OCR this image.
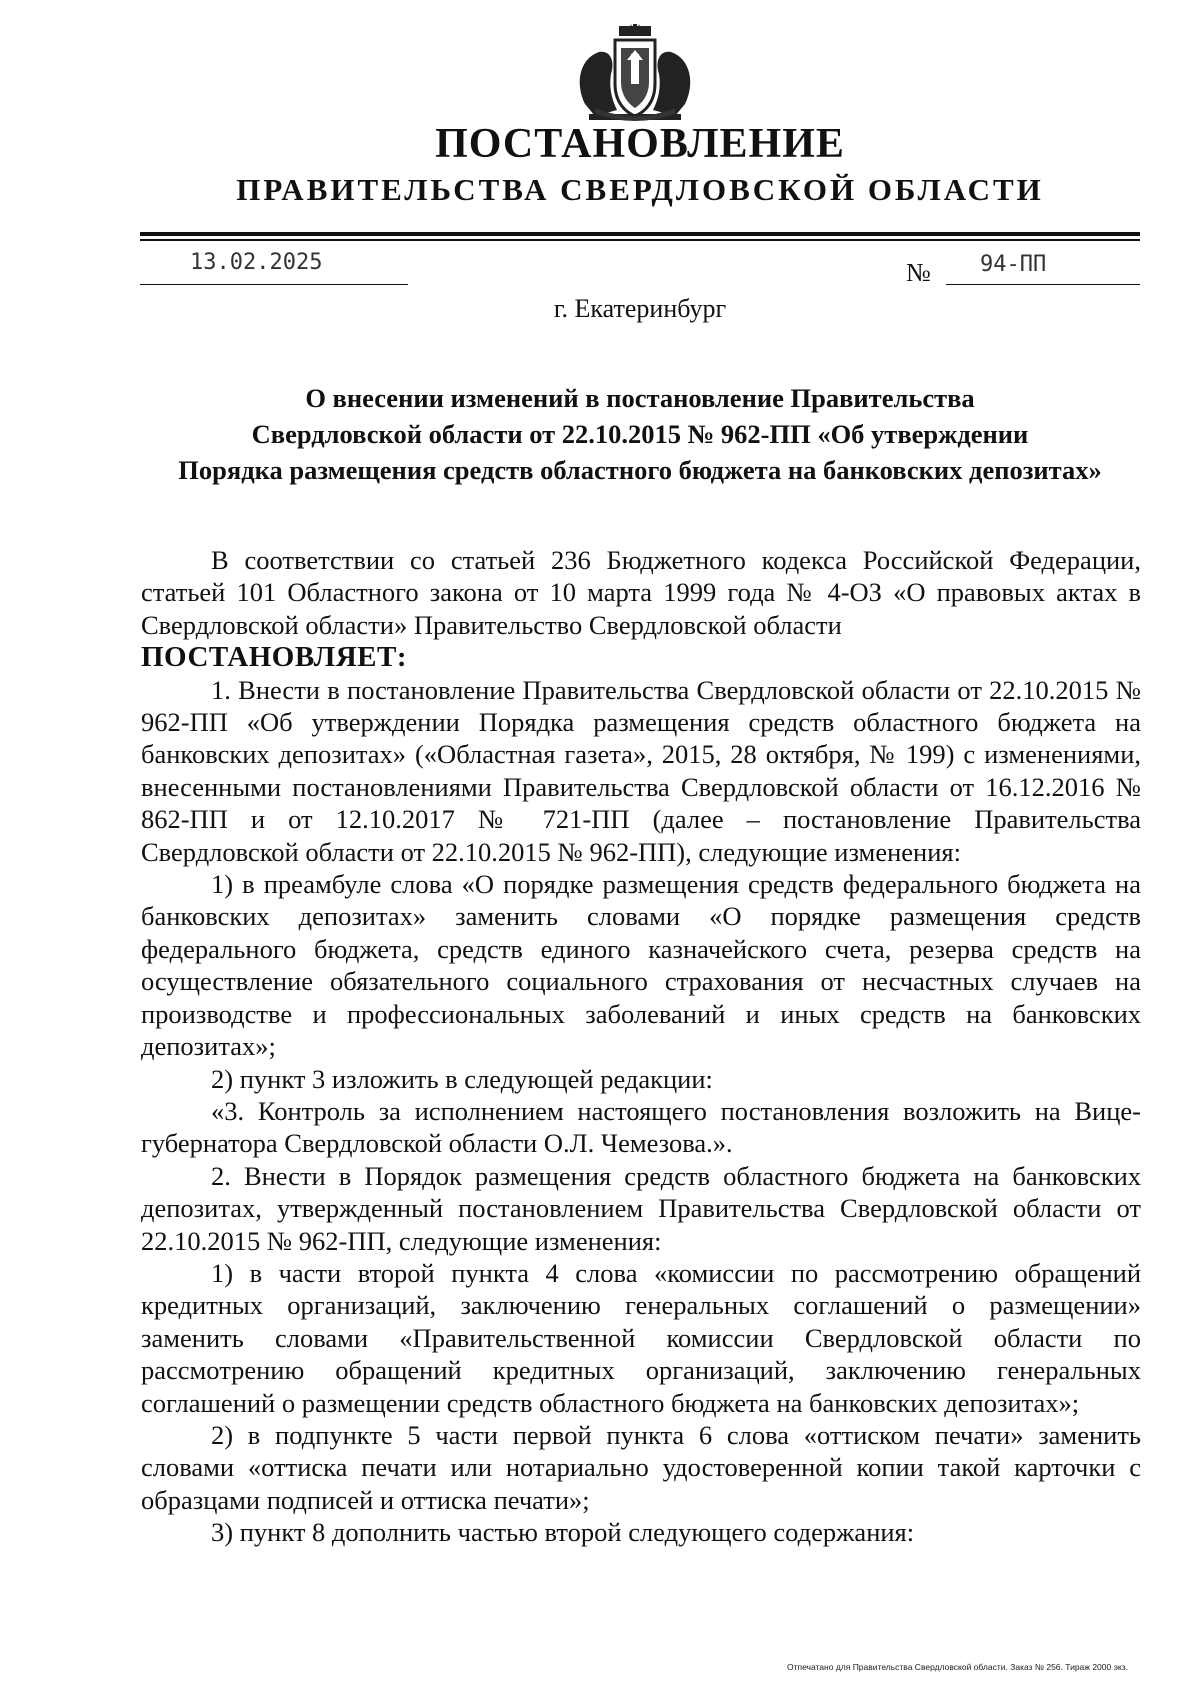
ПОСТАНОВЛЕНИЕ
ПРАВИТЕЛЬСТВА СВЕРДЛОВСКОЙ ОБЛАСТИ
13.02.2025	№ 94-ПП
г. Екатеринбург
О внесении изменений в постановление Правительства
Свердловской области от 22.10.2015 № 962-ПП «Об утверждении
Порядка размещения средств областного бюджета на банковских депозитах»

В соответствии со статьей 236 Бюджетного кодекса Российской Федерации, статьей 101 Областного закона от 10 марта 1999 года № 4-ОЗ «О правовых актах в Свердловской области» Правительство Свердловской области

ПОСТАНОВЛЯЕТ:

1. Внести в постановление Правительства Свердловской области от 22.10.2015 № 962-ПП «Об утверждении Порядка размещения средств областного бюджета на банковских депозитах» («Областная газета», 2015, 28 октября, № 199) с изменениями, внесенными постановлениями Правительства Свердловской области от 16.12.2016 № 862-ПП и от 12.10.2017 № 721-ПП (далее – постановление Правительства Свердловской области от 22.10.2015 № 962-ПП), следующие изменения:

1) в преамбуле слова «О порядке размещения средств федерального бюджета на банковских депозитах» заменить словами «О порядке размещения средств федерального бюджета, средств единого казначейского счета, резерва средств на осуществление обязательного социального страхования от несчастных случаев на производстве и профессиональных заболеваний и иных средств на банковских депозитах»;

2) пункт 3 изложить в следующей редакции:

«3. Контроль за исполнением настоящего постановления возложить на Вице-губернатора Свердловской области О.Л. Чемезова.».

2. Внести в Порядок размещения средств областного бюджета на банковских депозитах, утвержденный постановлением Правительства Свердловской области от 22.10.2015 № 962-ПП, следующие изменения:

1) в части второй пункта 4 слова «комиссии по рассмотрению обращений кредитных организаций, заключению генеральных соглашений о размещении» заменить словами «Правительственной комиссии Свердловской области по рассмотрению обращений кредитных организаций, заключению генеральных соглашений о размещении средств областного бюджета на банковских депозитах»;

2) в подпункте 5 части первой пункта 6 слова «оттиском печати» заменить словами «оттиска печати или нотариально удостоверенной копии такой карточки с образцами подписей и оттиска печати»;

3) пункт 8 дополнить частью второй следующего содержания:

Отпечатано для Правительства Свердловской области. Заказ № 256. Тираж 2000 экз.
